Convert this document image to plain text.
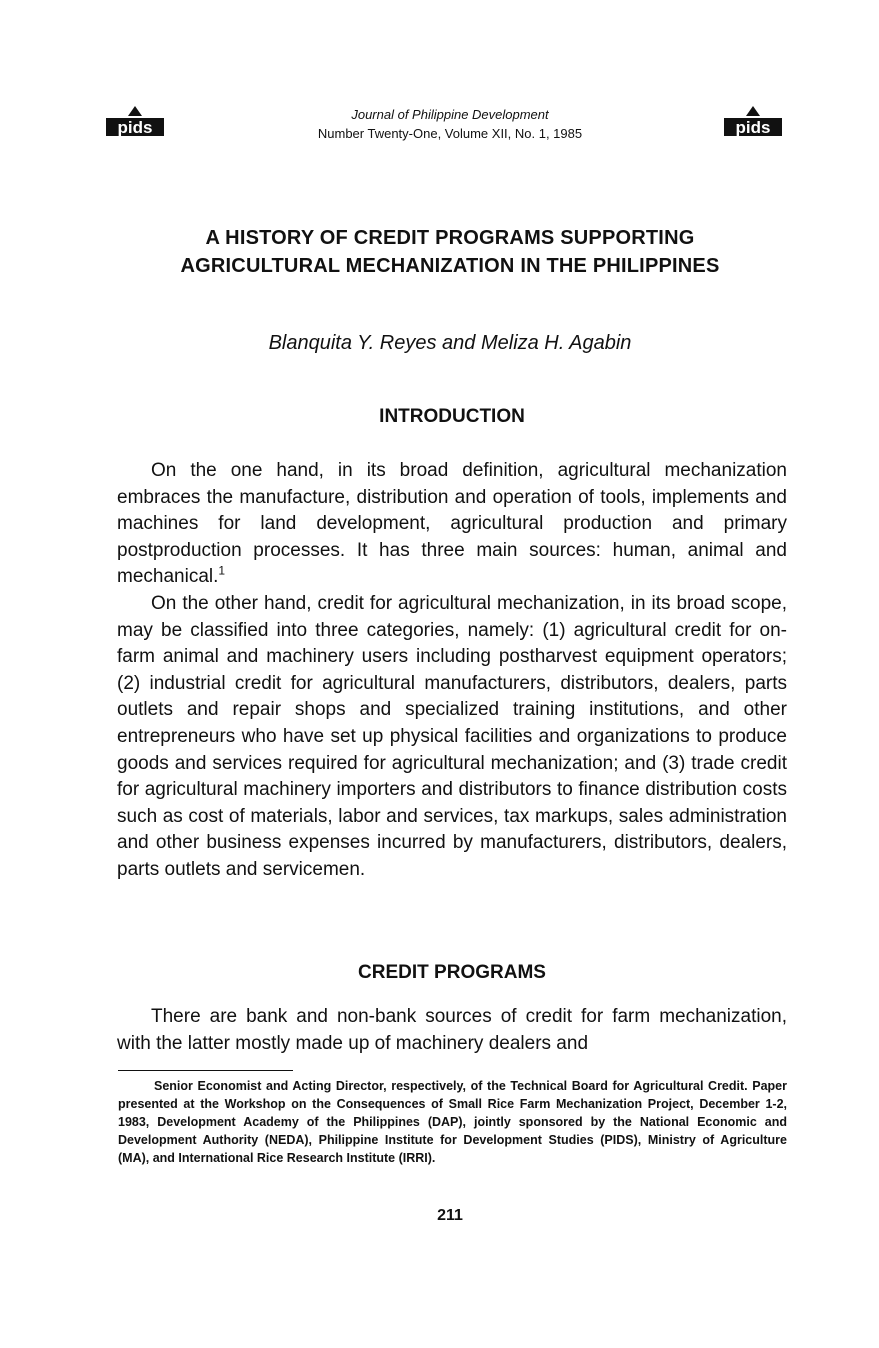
pids
Journal of Philippine Development
Number Twenty-One, Volume XII, No. 1, 1985	pids
A HISTORY OF CREDIT PROGRAMS SUPPORTING
AGRICULTURAL MECHANIZATION IN THE PHILIPPINES
Blanquita Y. Reyes and Meliza H. Agabin
INTRODUCTION

On the one hand, in its broad definition, agricultural mechanization embraces the manufacture, distribution and operation of tools, implements and machines for land development, agricultural production and primary postproduction processes. It has three main sources: human, animal and mechanical.$^1$

On the other hand, credit for agricultural mechanization, in its broad scope, may be classified into three categories, namely: (1) agricultural credit for on-farm animal and machinery users including postharvest equipment operators; (2) industrial credit for agricultural manufacturers, distributors, dealers, parts outlets and repair shops and specialized training institutions, and other entrepreneurs who have set up physical facilities and organizations to produce goods and services required for agricultural mechanization; and (3) trade credit for agricultural machinery importers and distributors to finance distribution costs such as cost of materials, labor and services, tax markups, sales administration and other business expenses incurred by manufacturers, distributors, dealers, parts outlets and servicemen.

CREDIT PROGRAMS

There are bank and non-bank sources of credit for farm mechanization, with the latter mostly made up of machinery dealers and

Senior Economist and Acting Director, respectively, of the Technical Board for Agricultural Credit. Paper presented at the Workshop on the Consequences of Small Rice Farm Mechanization Project, December 1-2, 1983, Development Academy of the Philippines (DAP), jointly sponsored by the National Economic and Development Authority (NEDA), Philippine Institute for Development Studies (PIDS), Ministry of Agriculture (MA), and International Rice Research Institute (IRRI).

211
